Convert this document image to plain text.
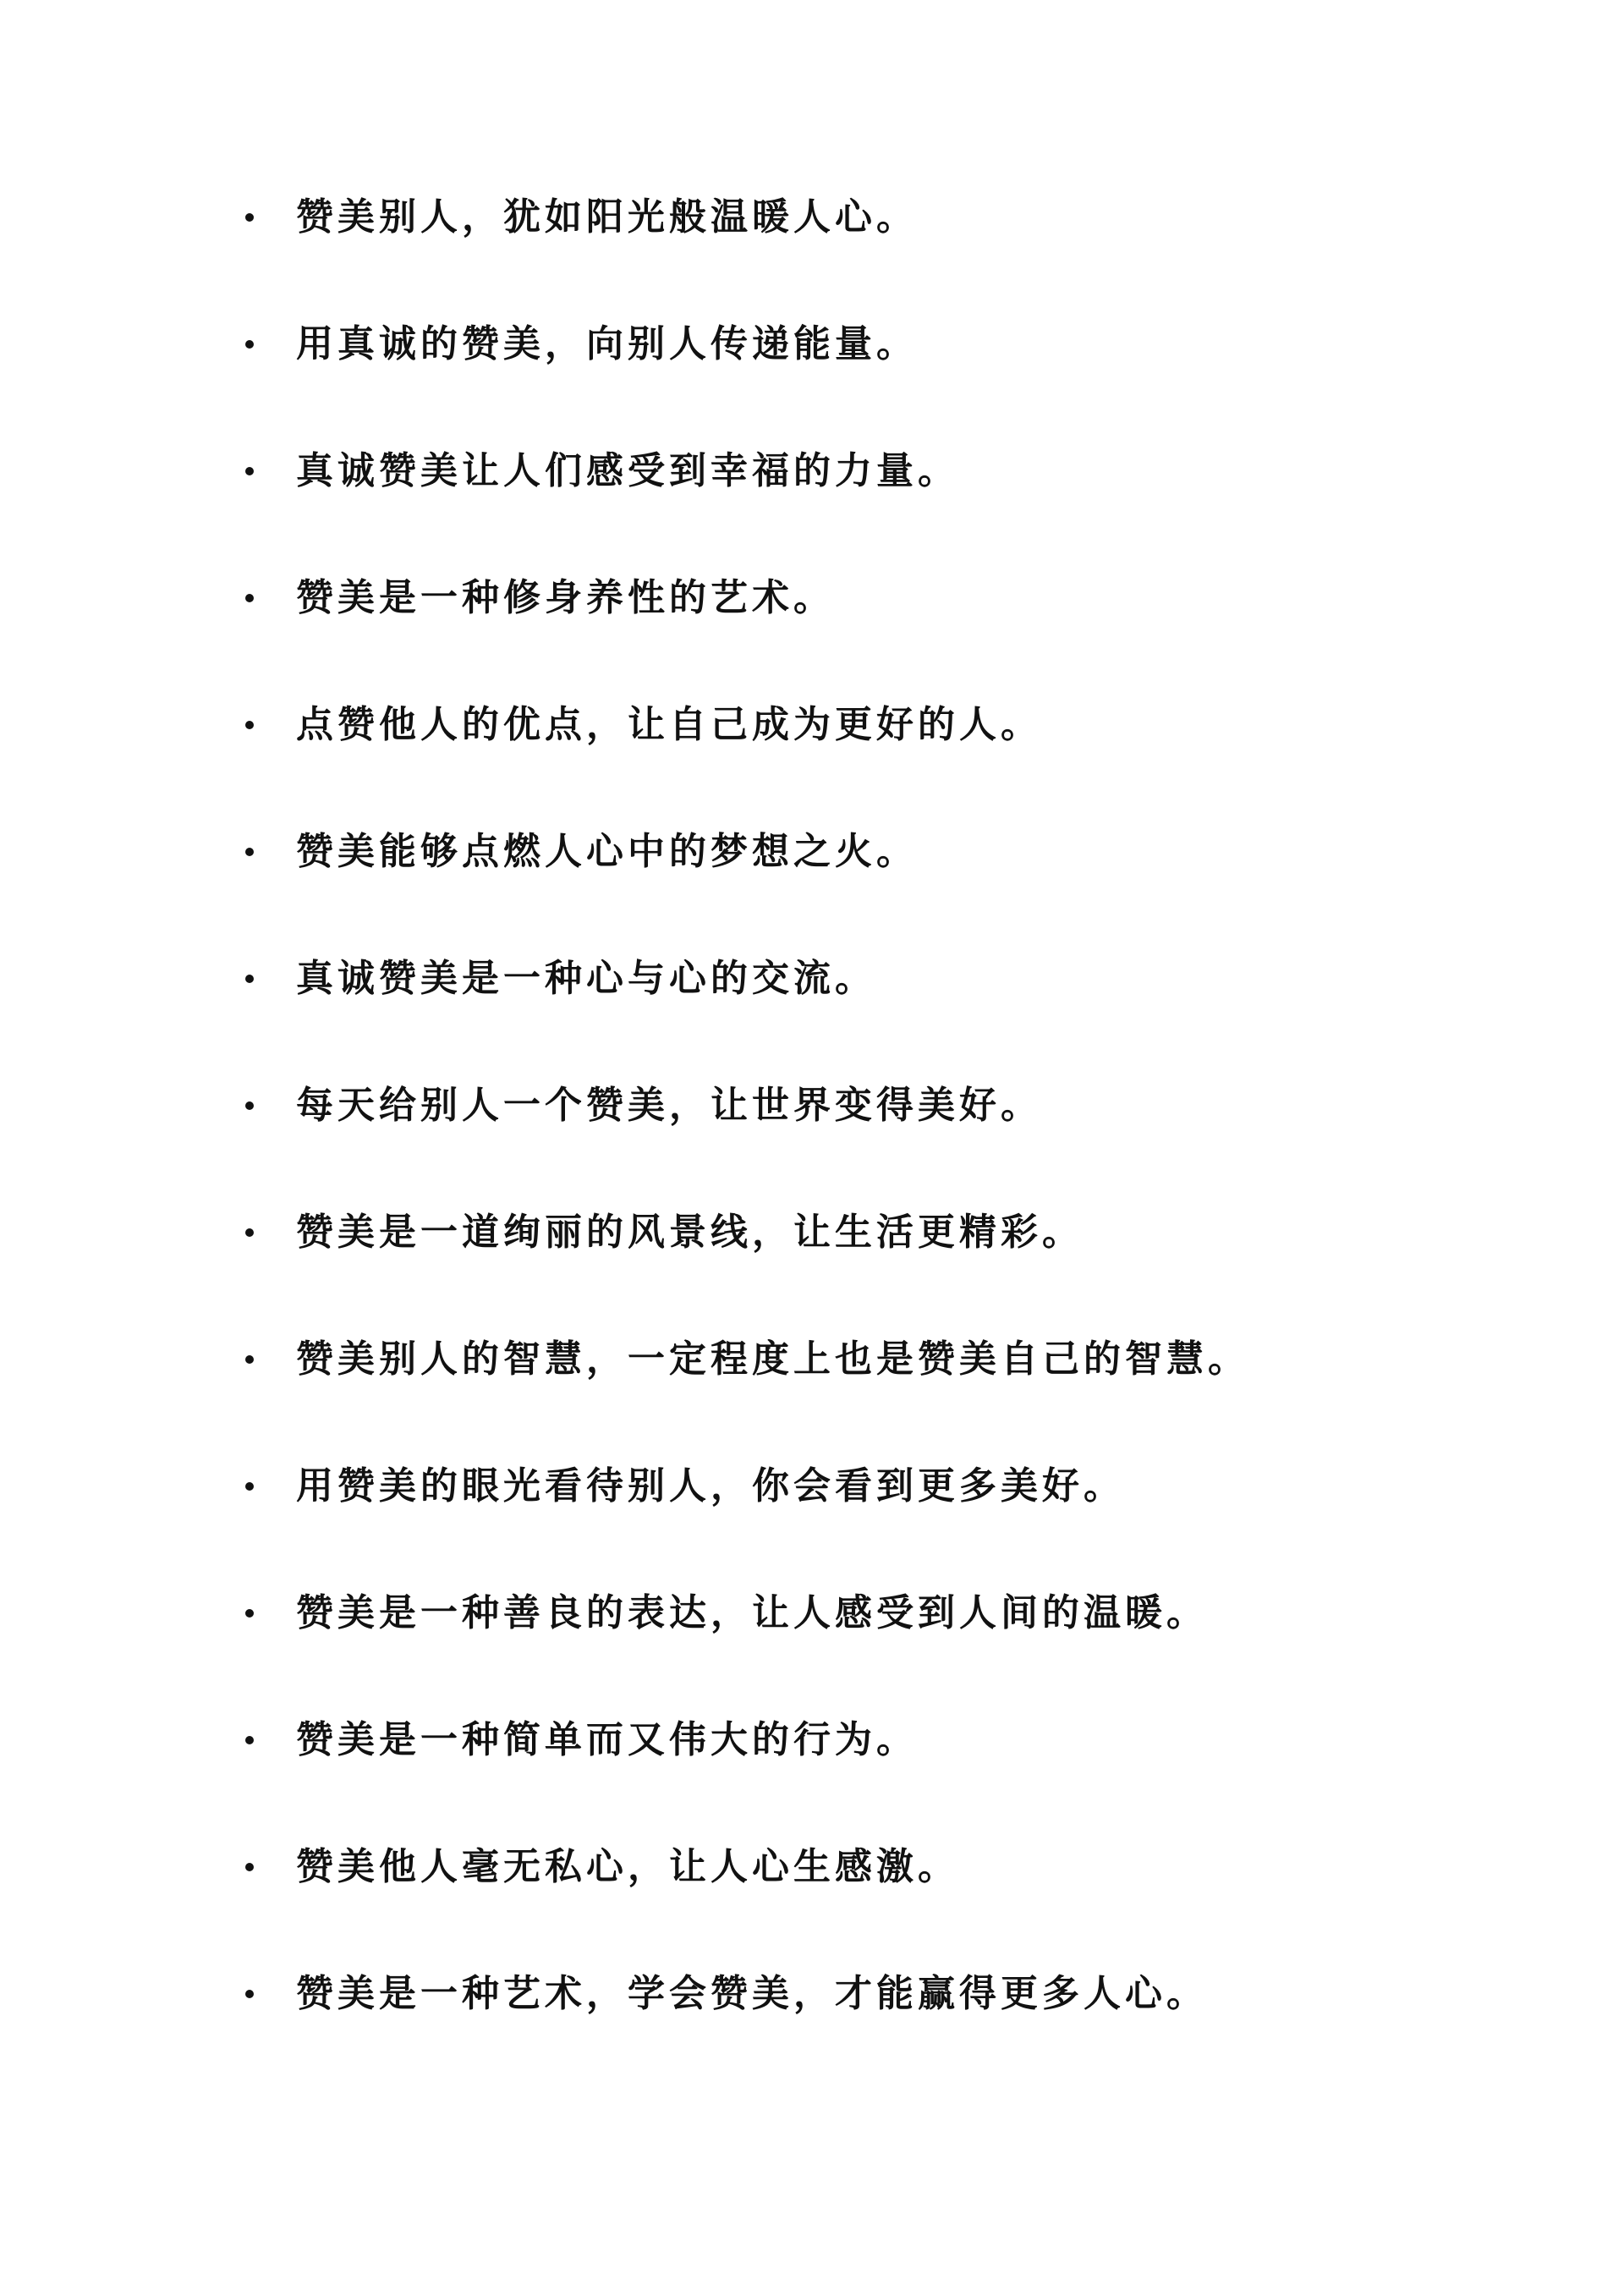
赞美别人，犹如阳光般温暖人心。
用真诚的赞美，向别人传递能量。
真诚赞美让人们感受到幸福的力量。
赞美是一种修身养性的艺术。
点赞他人的优点，让自己成为更好的人。
赞美能够点燃人心中的梦想之火。
真诚赞美是一种心与心的交流。
每天给别人一个赞美，让世界变得美好。
赞美是一道绚丽的风景线，让生活更精彩。
赞美别人的智慧，一定程度上也是赞美自己的智慧。
用赞美的眼光看待别人，你会看到更多美好。
赞美是一种善良的表达，让人感受到人间的温暖。
赞美是一种简单而又伟大的行为。
赞美他人毫无私心，让人心生感激。
赞美是一种艺术，学会赞美，才能赢得更多人心。
